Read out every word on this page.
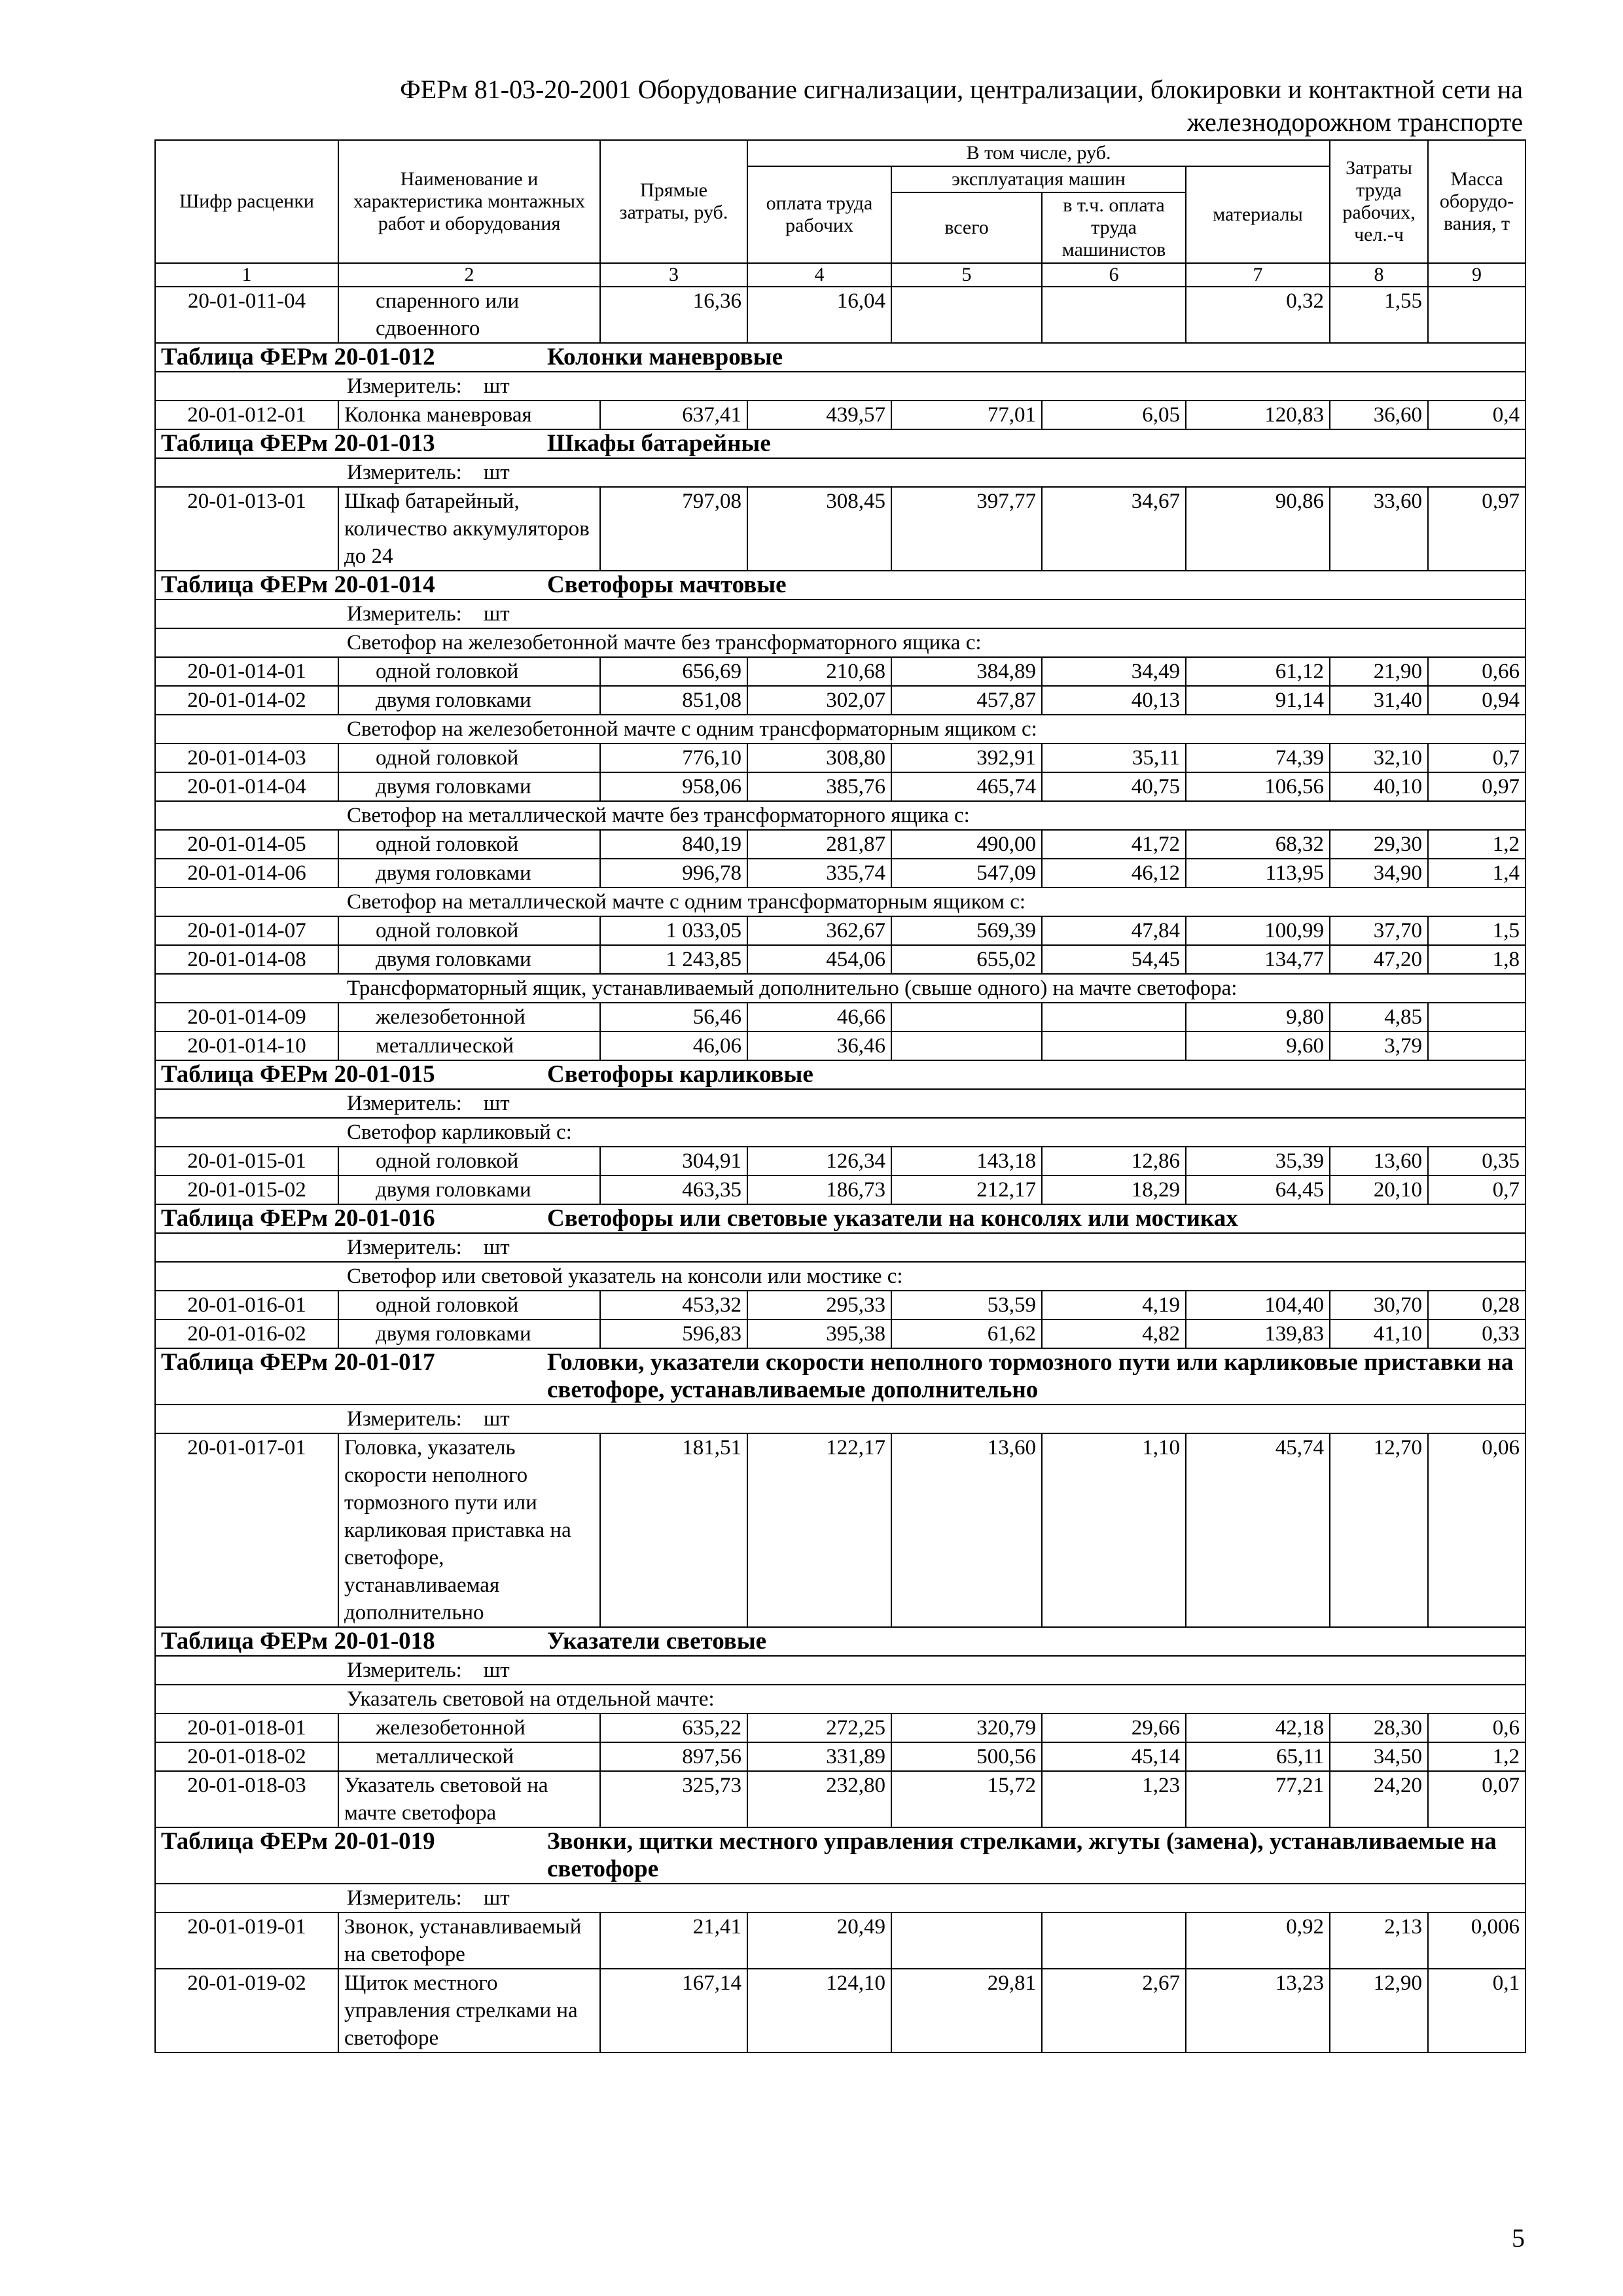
ФЕРм 81-03-20-2001 Оборудование сигнализации, централизации, блокировки и контактной сети на
железнодорожном транспорте
Шифр расценки	Наименование и характеристика монтажных работ и оборудования	Прямые затраты, руб.	В том числе, руб.				Затраты труда рабочих, чел.-ч	Масса оборудо-вания, т
			оплата труда рабочих	эксплуатация машин		материалы		
				всего	в т.ч. оплата труда машинистов			
1	2	3	4	5	6	7	8	9
20-01-011-04	спаренного или сдвоенного	16,36	16,04			0,32	1,55	

Таблица ФЕРм 20-01-012 Колонки маневровые								

Измеритель: шт								
20-01-012-01	Колонка маневровая	637,41	439,57	77,01	6,05	120,83	36,60	0,4

Таблица ФЕРм 20-01-013 Шкафы батарейные								

Измеритель: шт								
20-01-013-01	Шкаф батарейный, количество аккумуляторов до 24	797,08	308,45	397,77	34,67	90,86	33,60	0,97

Таблица ФЕРм 20-01-014 Светофоры мачтовые								

Измеритель: шт								
Светофор на железобетонной мачте без трансформаторного ящика с:								
20-01-014-01	одной головкой	656,69	210,68	384,89	34,49	61,12	21,90	0,66
20-01-014-02	двумя головками	851,08	302,07	457,87	40,13	91,14	31,40	0,94
Светофор на железобетонной мачте с одним трансформаторным ящиком с:								
20-01-014-03	одной головкой	776,10	308,80	392,91	35,11	74,39	32,10	0,7
20-01-014-04	двумя головками	958,06	385,76	465,74	40,75	106,56	40,10	0,97
Светофор на металлической мачте без трансформаторного ящика с:								
20-01-014-05	одной головкой	840,19	281,87	490,00	41,72	68,32	29,30	1,2
20-01-014-06	двумя головками	996,78	335,74	547,09	46,12	113,95	34,90	1,4
Светофор на металлической мачте с одним трансформаторным ящиком с:								
20-01-014-07	одной головкой	1 033,05	362,67	569,39	47,84	100,99	37,70	1,5
20-01-014-08	двумя головками	1 243,85	454,06	655,02	54,45	134,77	47,20	1,8
Трансформаторный ящик, устанавливаемый дополнительно (свыше одного) на мачте светофора:								
20-01-014-09	железобетонной	56,46	46,66			9,80	4,85	
20-01-014-10	металлической	46,06	36,46			9,60	3,79	

Таблица ФЕРм 20-01-015 Светофоры карликовые								

Измеритель: шт								
Светофор карликовый с:								
20-01-015-01	одной головкой	304,91	126,34	143,18	12,86	35,39	13,60	0,35
20-01-015-02	двумя головками	463,35	186,73	212,17	18,29	64,45	20,10	0,7

Таблица ФЕРм 20-01-016 Светофоры или световые указатели на консолях или мостиках								

Измеритель: шт								
Светофор или световой указатель на консоли или мостике с:								
20-01-016-01	одной головкой	453,32	295,33	53,59	4,19	104,40	30,70	0,28
20-01-016-02	двумя головками	596,83	395,38	61,62	4,82	139,83	41,10	0,33

Таблица ФЕРм 20-01-017 Головки, указатели скорости неполного тормозного пути или карликовые приставки на светофоре, устанавливаемые дополнительно								

Измеритель: шт								
20-01-017-01	Головка, указатель скорости неполного тормозного пути или карликовая приставка на светофоре, устанавливаемая дополнительно	181,51	122,17	13,60	1,10	45,74	12,70	0,06

Таблица ФЕРм 20-01-018 Указатели световые								

Измеритель: шт								
Указатель световой на отдельной мачте:								
20-01-018-01	железобетонной	635,22	272,25	320,79	29,66	42,18	28,30	0,6
20-01-018-02	металлической	897,56	331,89	500,56	45,14	65,11	34,50	1,2
20-01-018-03	Указатель световой на мачте светофора	325,73	232,80	15,72	1,23	77,21	24,20	0,07

Таблица ФЕРм 20-01-019 Звонки, щитки местного управления стрелками, жгуты (замена), устанавливаемые на светофоре								

Измеритель: шт								
20-01-019-01	Звонок, устанавливаемый на светофоре	21,41	20,49			0,92	2,13	0,006
20-01-019-02	Щиток местного управления стрелками на светофоре	167,14	124,10	29,81	2,67	13,23	12,90	0,1
5
